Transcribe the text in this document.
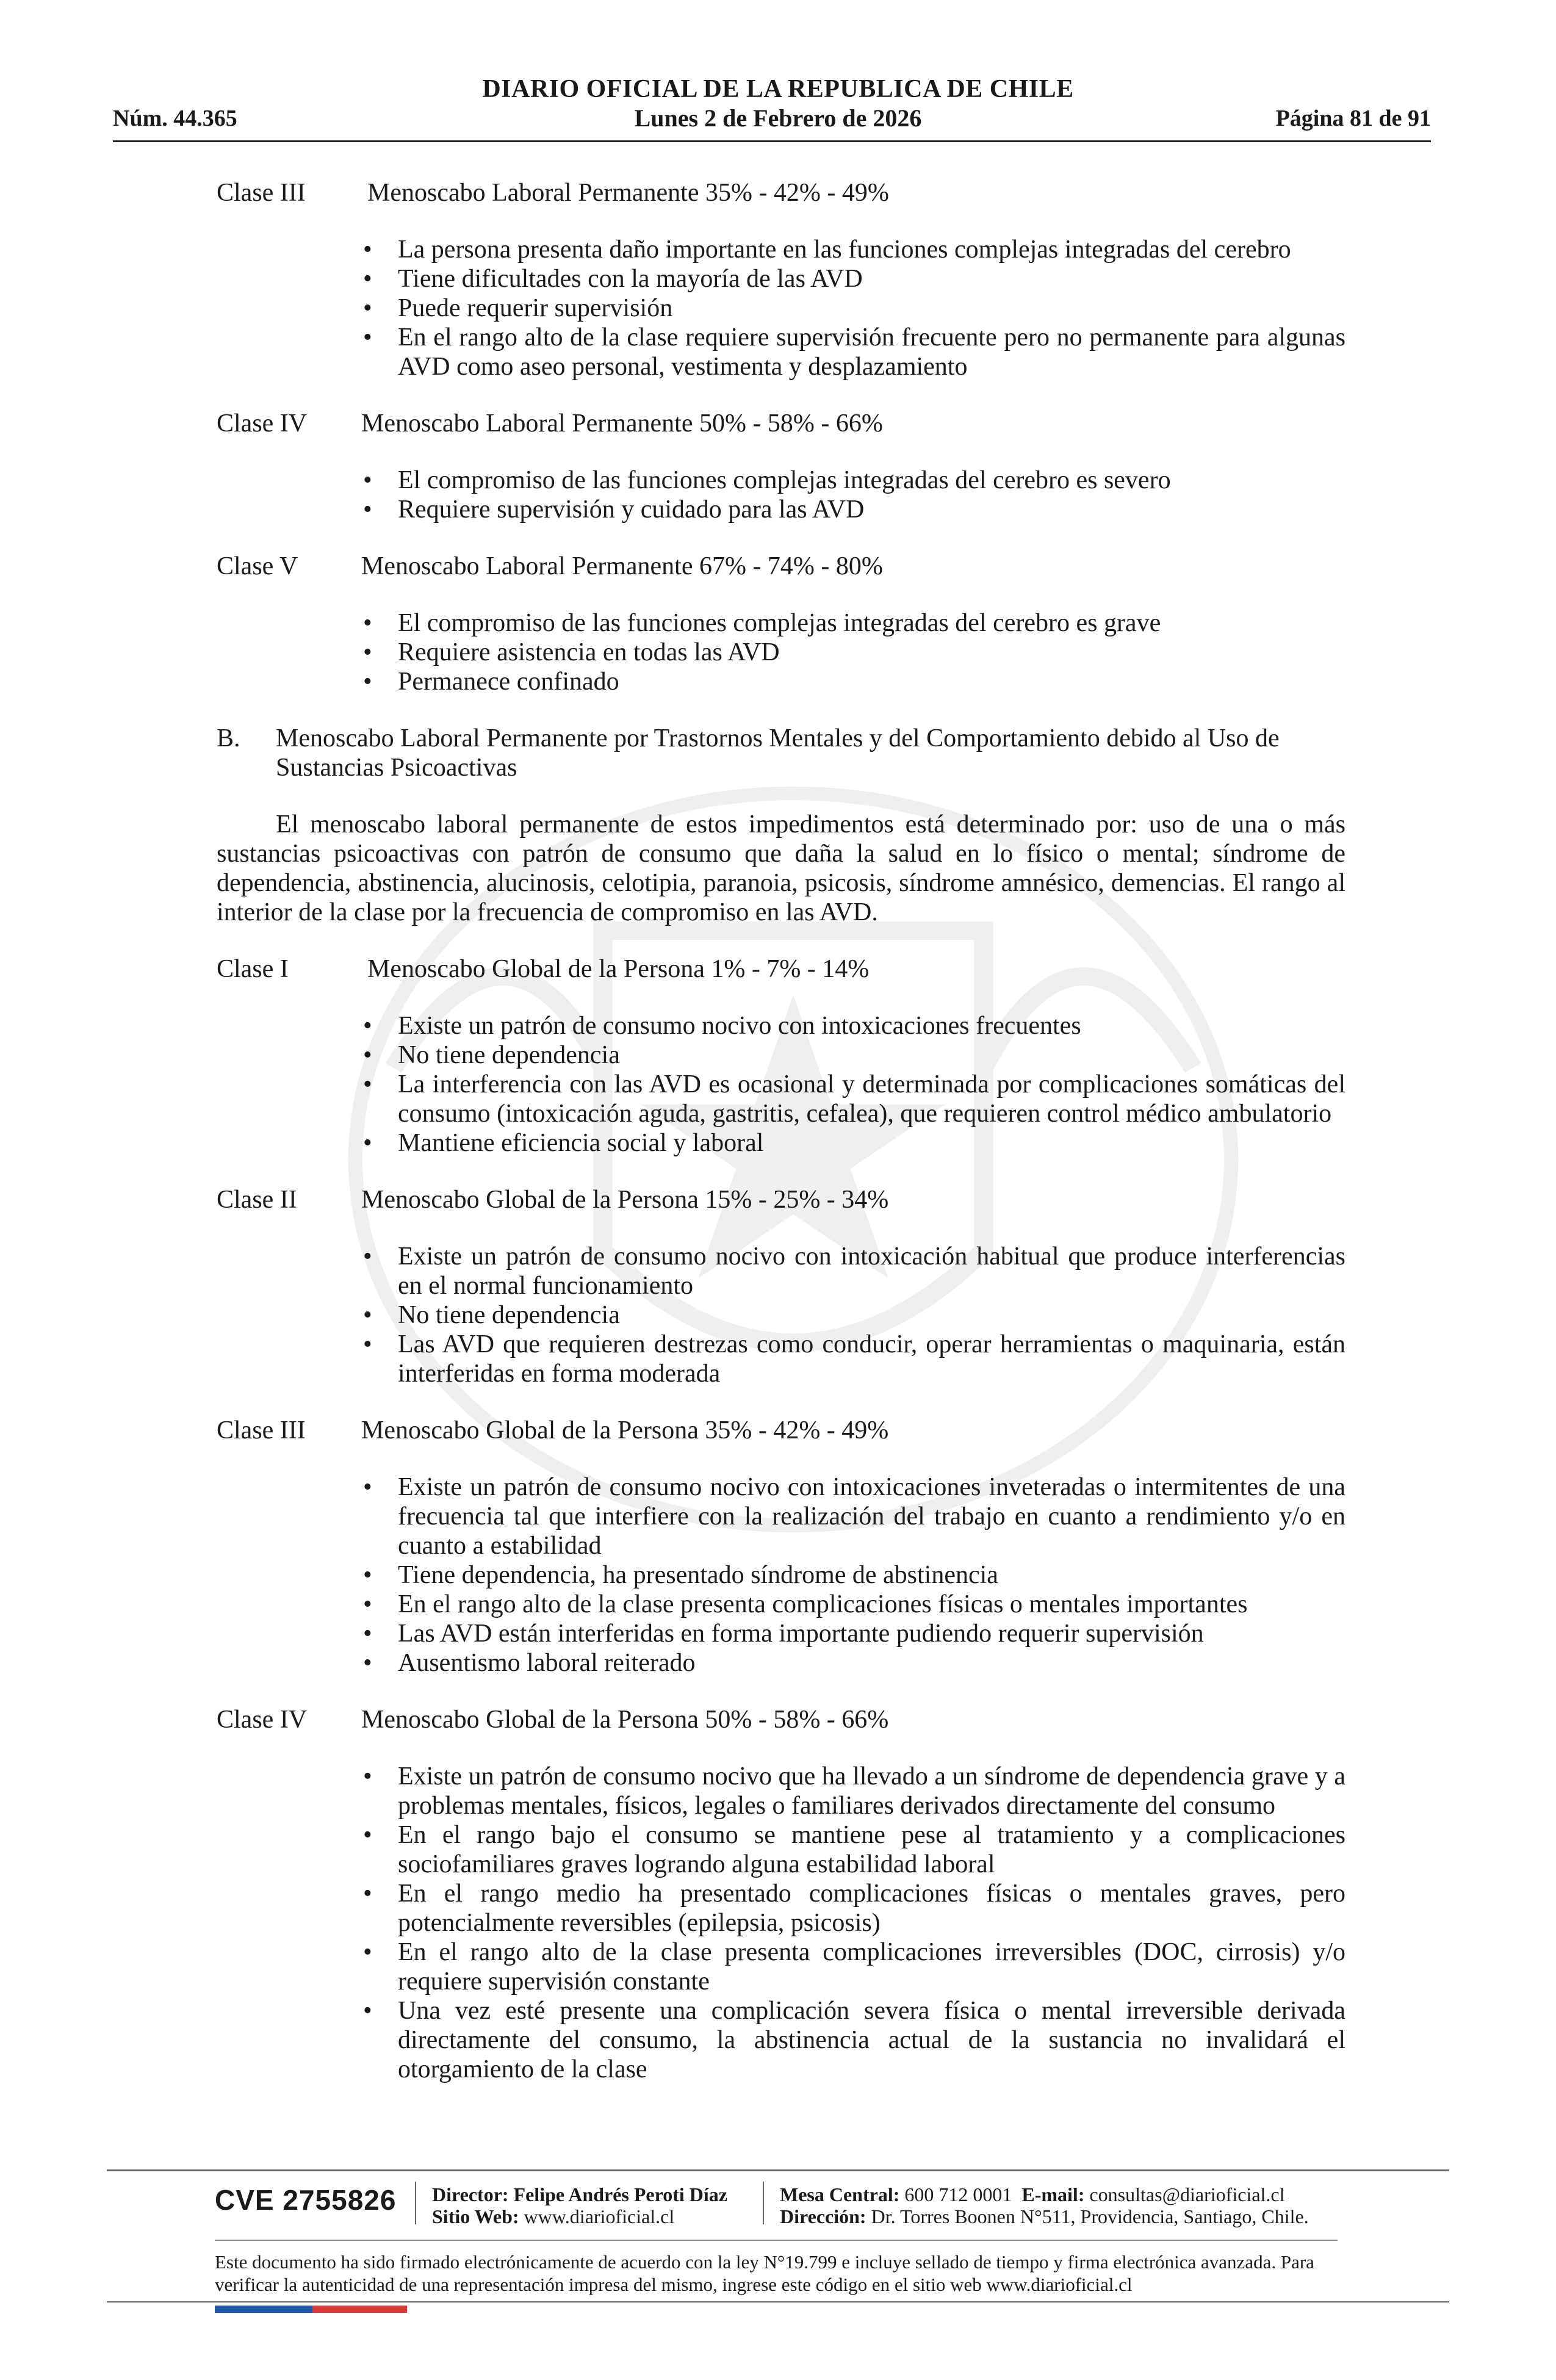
DIARIO OFICIAL DE LA REPUBLICA DE CHILE
Núm. 44.365	Lunes 2 de Febrero de 2026	Página 81 de 91
Clase III	Menoscabo Laboral Permanente 35% - 42% - 49%
• La persona presenta daño importante en las funciones complejas integradas del cerebro
• Tiene dificultades con la mayoría de las AVD
• Puede requerir supervisión
• En el rango alto de la clase requiere supervisión frecuente pero no permanente para algunas AVD como aseo personal, vestimenta y desplazamiento
Clase IV	Menoscabo Laboral Permanente 50% - 58% - 66%
• El compromiso de las funciones complejas integradas del cerebro es severo
• Requiere supervisión y cuidado para las AVD
Clase V	Menoscabo Laboral Permanente 67% - 74% - 80%
• El compromiso de las funciones complejas integradas del cerebro es grave
• Requiere asistencia en todas las AVD
• Permanece confinado
B.	Menoscabo Laboral Permanente por Trastornos Mentales y del Comportamiento debido al Uso de Sustancias Psicoactivas

El menoscabo laboral permanente de estos impedimentos está determinado por: uso de una o más sustancias psicoactivas con patrón de consumo que daña la salud en lo físico o mental; síndrome de dependencia, abstinencia, alucinosis, celotipia, paranoia, psicosis, síndrome amnésico, demencias. El rango al interior de la clase por la frecuencia de compromiso en las AVD.

Clase I	Menoscabo Global de la Persona 1% - 7% - 14%
• Existe un patrón de consumo nocivo con intoxicaciones frecuentes
• No tiene dependencia
• La interferencia con las AVD es ocasional y determinada por complicaciones somáticas del consumo (intoxicación aguda, gastritis, cefalea), que requieren control médico ambulatorio
• Mantiene eficiencia social y laboral
Clase II	Menoscabo Global de la Persona 15% - 25% - 34%
• Existe un patrón de consumo nocivo con intoxicación habitual que produce interferencias en el normal funcionamiento
• No tiene dependencia
• Las AVD que requieren destrezas como conducir, operar herramientas o maquinaria, están interferidas en forma moderada
Clase III	Menoscabo Global de la Persona 35% - 42% - 49%
• Existe un patrón de consumo nocivo con intoxicaciones inveteradas o intermitentes de una frecuencia tal que interfiere con la realización del trabajo en cuanto a rendimiento y/o en cuanto a estabilidad
• Tiene dependencia, ha presentado síndrome de abstinencia
• En el rango alto de la clase presenta complicaciones físicas o mentales importantes
• Las AVD están interferidas en forma importante pudiendo requerir supervisión
• Ausentismo laboral reiterado
Clase IV	Menoscabo Global de la Persona 50% - 58% - 66%
• Existe un patrón de consumo nocivo que ha llevado a un síndrome de dependencia grave y a problemas mentales, físicos, legales o familiares derivados directamente del consumo
• En el rango bajo el consumo se mantiene pese al tratamiento y a complicaciones sociofamiliares graves logrando alguna estabilidad laboral
• En el rango medio ha presentado complicaciones físicas o mentales graves, pero potencialmente reversibles (epilepsia, psicosis)
• En el rango alto de la clase presenta complicaciones irreversibles (DOC, cirrosis) y/o requiere supervisión constante
• Una vez esté presente una complicación severa física o mental irreversible derivada directamente del consumo, la abstinencia actual de la sustancia no invalidará el otorgamiento de la clase
CVE 2755826 Director: Felipe Andrés Peroti Díaz
Sitio Web: www.diarioficial.cl
Mesa Central: 600 712 0001 E-mail: consultas@diarioficial.cl
Dirección: Dr. Torres Boonen N°511, Providencia, Santiago, Chile.
Este documento ha sido firmado electrónicamente de acuerdo con la ley N°19.799 e incluye sellado de tiempo y firma electrónica avanzada. Para verificar la autenticidad de una representación impresa del mismo, ingrese este código en el sitio web www.diarioficial.cl
